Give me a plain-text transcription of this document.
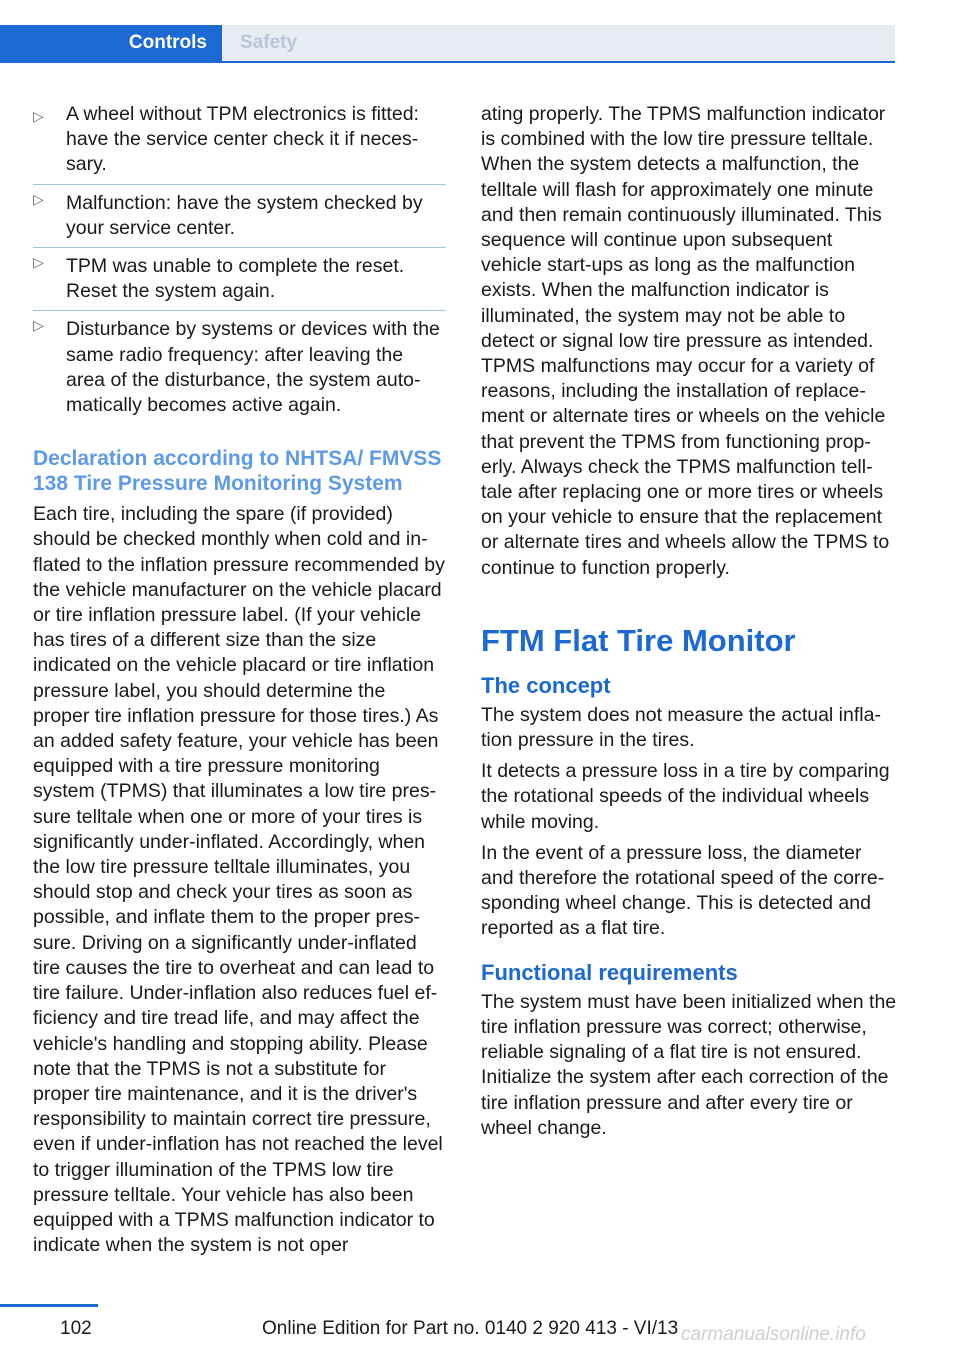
Controls Safety
▷ A wheel without TPM electronics is fitted: have the service center check it if necessary.
▷ Malfunction: have the system checked by your service center.
▷ TPM was unable to complete the reset. Reset the system again.
▷ Disturbance by systems or devices with the same radio frequency: after leaving the area of the disturbance, the system automatically becomes active again.
Declaration according to NHTSA/ FMVSS 138 Tire Pressure Monitoring System

Each tire, including the spare (if provided) should be checked monthly when cold and inflated to the inflation pressure recommended by the vehicle manufacturer on the vehicle placard or tire inflation pressure label. (If your vehicle has tires of a different size than the size indicated on the vehicle placard or tire inflation pressure label, you should determine the proper tire inflation pressure for those tires.) As an added safety feature, your vehicle has been equipped with a tire pressure monitoring system (TPMS) that illuminates a low tire pressure telltale when one or more of your tires is significantly under-inflated. Accordingly, when the low tire pressure telltale illuminates, you should stop and check your tires as soon as possible, and inflate them to the proper pressure. Driving on a significantly under-inflated tire causes the tire to overheat and can lead to tire failure. Under-inflation also reduces fuel efficiency and tire tread life, and may affect the vehicle's handling and stopping ability. Please note that the TPMS is not a substitute for proper tire maintenance, and it is the driver's responsibility to maintain correct tire pressure, even if under-inflation has not reached the level to trigger illumination of the TPMS low tire pressure telltale. Your vehicle has also been equipped with a TPMS malfunction indicator to indicate when the system is not oper

ating properly. The TPMS malfunction indicator is combined with the low tire pressure telltale. When the system detects a malfunction, the telltale will flash for approximately one minute and then remain continuously illuminated. This sequence will continue upon subsequent vehicle start-ups as long as the malfunction exists. When the malfunction indicator is illuminated, the system may not be able to detect or signal low tire pressure as intended. TPMS malfunctions may occur for a variety of reasons, including the installation of replacement or alternate tires or wheels on the vehicle that prevent the TPMS from functioning properly. Always check the TPMS malfunction telltale after replacing one or more tires or wheels on your vehicle to ensure that the replacement or alternate tires and wheels allow the TPMS to continue to function properly.

FTM Flat Tire Monitor
The concept

The system does not measure the actual inflation pressure in the tires.

It detects a pressure loss in a tire by comparing the rotational speeds of the individual wheels while moving.

In the event of a pressure loss, the diameter and therefore the rotational speed of the corresponding wheel change. This is detected and reported as a flat tire.

Functional requirements

The system must have been initialized when the tire inflation pressure was correct; otherwise, reliable signaling of a flat tire is not ensured. Initialize the system after each correction of the tire inflation pressure and after every tire or wheel change.

102	Online Edition for Part no. 0140 2 920 413 - VI/13 carmanualsonline.info
